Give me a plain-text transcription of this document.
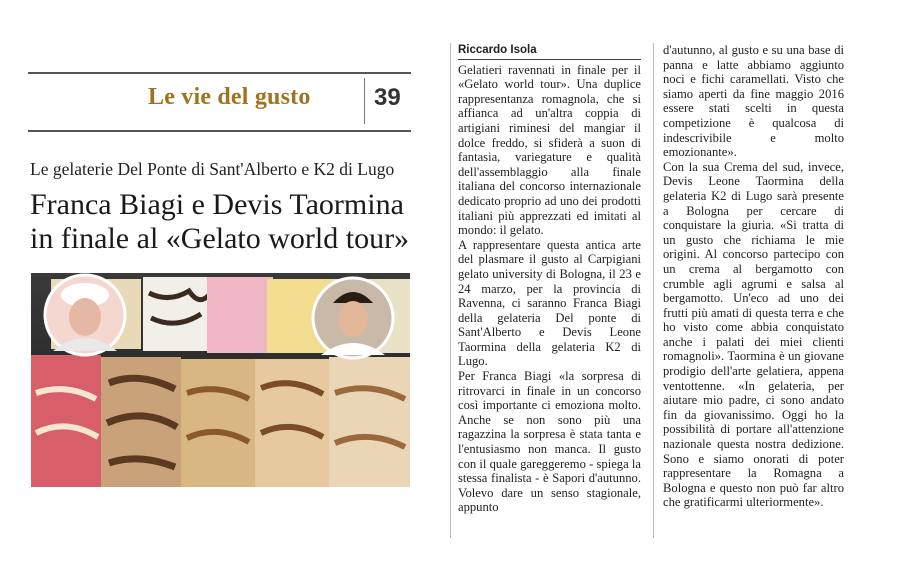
Le vie del gusto	39
Le gelaterie Del Ponte di Sant'Alberto e K2 di Lugo
Franca Biagi e Devis Taormina
in finale al «Gelato world tour»
Riccardo Isola

Gelatieri ravennati in finale per il «Gelato world tour». Una duplice rappresentanza romagnola, che si affianca ad un'altra coppia di artigiani riminesi del mangiar il dolce freddo, si sfiderà a suon di fantasia, variegature e qualità dell'assemblaggio alla finale italiana del concorso internazionale dedicato proprio ad uno dei prodotti italiani più apprezzati ed imitati al mondo: il gelato.

A rappresentare questa antica arte del plasmare il gusto al Carpigiani gelato university di Bologna, il 23 e 24 marzo, per la provincia di Ravenna, ci saranno Franca Biagi della gelateria Del ponte di Sant'Alberto e Devis Leone Taormina della gelateria K2 di Lugo.

Per Franca Biagi «la sorpresa di ritrovarci in finale in un concorso così importante ci emoziona molto. Anche se non sono più una ragazzina la sorpresa è stata tanta e l'entusiasmo non manca. Il gusto con il quale gareggeremo - spiega la stessa finalista - è Sapori d'autunno. Volevo dare un senso stagionale, appunto

d'autunno, al gusto e su una base di panna e latte abbiamo aggiunto noci e fichi caramellati. Visto che siamo aperti da fine maggio 2016 essere stati scelti in questa competizione è qualcosa di indescrivibile e molto emozionante».

Con la sua Crema del sud, invece, Devis Leone Taormina della gelateria K2 di Lugo sarà presente a Bologna per cercare di conquistare la giuria. «Si tratta di un gusto che richiama le mie origini. Al concorso partecipo con un crema al bergamotto con crumble agli agrumi e salsa al bergamotto. Un'eco ad uno dei frutti più amati di questa terra e che ho visto come abbia conquistato anche i palati dei miei clienti romagnoli». Taormina è un giovane prodigio dell'arte gelatiera, appena ventottenne. «In gelateria, per aiutare mio padre, ci sono andato fin da giovanissimo. Oggi ho la possibilità di portare all'attenzione nazionale questa nostra dedizione. Sono e siamo onorati di poter rappresentare la Romagna a Bologna e questo non può far altro che gratificarmi ulteriormente».
